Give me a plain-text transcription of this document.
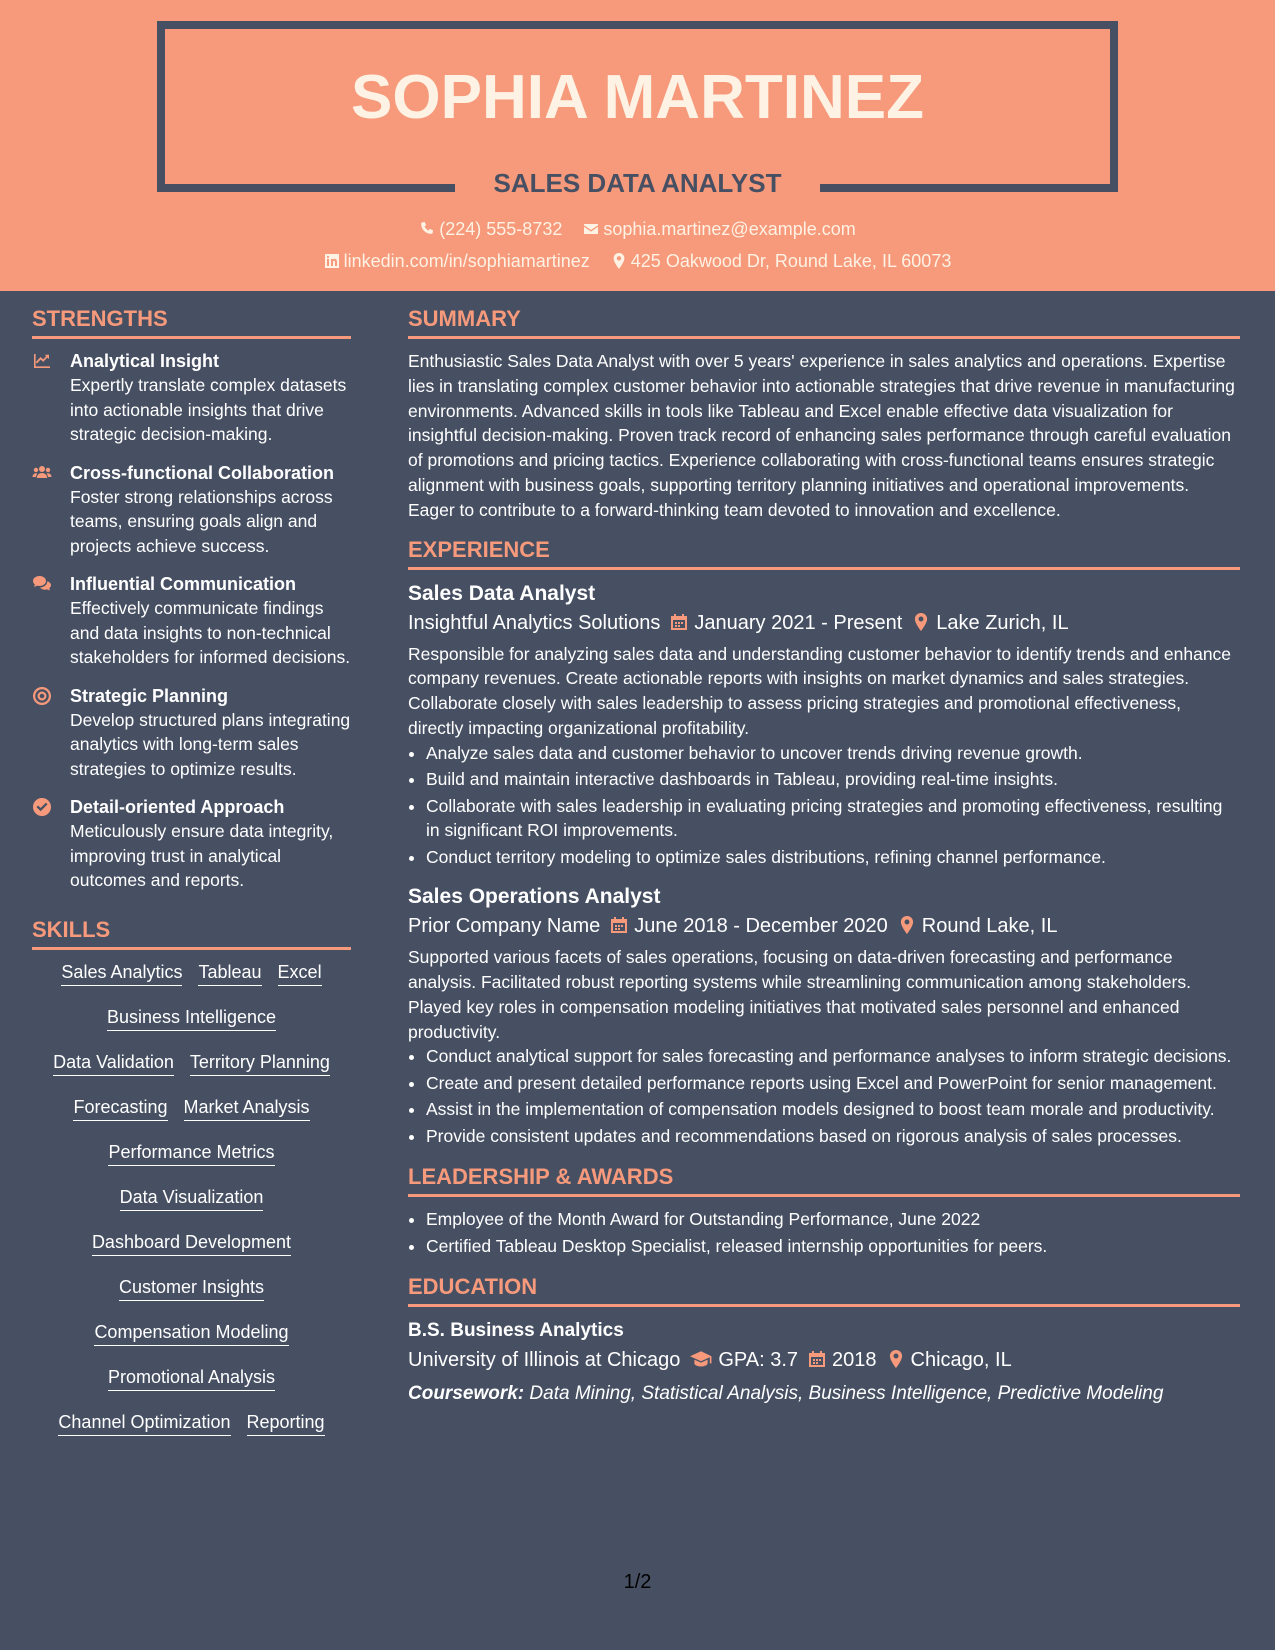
SOPHIA MARTINEZ
SALES DATA ANALYST
(224) 555-8732 sophia.martinez@example.com
linkedin.com/in/sophiamartinez 425 Oakwood Dr, Round Lake, IL 60073
STRENGTHS
Analytical Insight
Expertly translate complex datasets into actionable insights that drive strategic decision-making.
Cross-functional Collaboration
Foster strong relationships across teams, ensuring goals align and projects achieve success.
Influential Communication
Effectively communicate findings and data insights to non-technical stakeholders for informed decisions.
Strategic Planning
Develop structured plans integrating analytics with long-term sales strategies to optimize results.
Detail-oriented Approach
Meticulously ensure data integrity, improving trust in analytical outcomes and reports.
SKILLS
Sales Analytics Tableau Excel
Business Intelligence
Data Validation Territory Planning
Forecasting Market Analysis
Performance Metrics
Data Visualization
Dashboard Development
Customer Insights
Compensation Modeling
Promotional Analysis
Channel Optimization Reporting
SUMMARY
Enthusiastic Sales Data Analyst with over 5 years' experience in sales analytics and operations. Expertise lies in translating complex customer behavior into actionable strategies that drive revenue in manufacturing environments. Advanced skills in tools like Tableau and Excel enable effective data visualization for insightful decision-making. Proven track record of enhancing sales performance through careful evaluation of promotions and pricing tactics. Experience collaborating with cross-functional teams ensures strategic alignment with business goals, supporting territory planning initiatives and operational improvements. Eager to contribute to a forward-thinking team devoted to innovation and excellence.
EXPERIENCE
Sales Data Analyst
Insightful Analytics Solutions January 2021 - Present Lake Zurich, IL
Responsible for analyzing sales data and understanding customer behavior to identify trends and enhance company revenues. Create actionable reports with insights on market dynamics and sales strategies. Collaborate closely with sales leadership to assess pricing strategies and promotional effectiveness, directly impacting organizational profitability.
• Analyze sales data and customer behavior to uncover trends driving revenue growth.
• Build and maintain interactive dashboards in Tableau, providing real-time insights.
• Collaborate with sales leadership in evaluating pricing strategies and promoting effectiveness, resulting in significant ROI improvements.
• Conduct territory modeling to optimize sales distributions, refining channel performance.
Sales Operations Analyst
Prior Company Name June 2018 - December 2020 Round Lake, IL
Supported various facets of sales operations, focusing on data-driven forecasting and performance analysis. Facilitated robust reporting systems while streamlining communication among stakeholders. Played key roles in compensation modeling initiatives that motivated sales personnel and enhanced productivity.
• Conduct analytical support for sales forecasting and performance analyses to inform strategic decisions.
• Create and present detailed performance reports using Excel and PowerPoint for senior management.
• Assist in the implementation of compensation models designed to boost team morale and productivity.
• Provide consistent updates and recommendations based on rigorous analysis of sales processes.
LEADERSHIP & AWARDS
• Employee of the Month Award for Outstanding Performance, June 2022
• Certified Tableau Desktop Specialist, released internship opportunities for peers.
EDUCATION
B.S. Business Analytics
University of Illinois at Chicago GPA: 3.7 2018 Chicago, IL
Coursework: Data Mining, Statistical Analysis, Business Intelligence, Predictive Modeling
1/2
